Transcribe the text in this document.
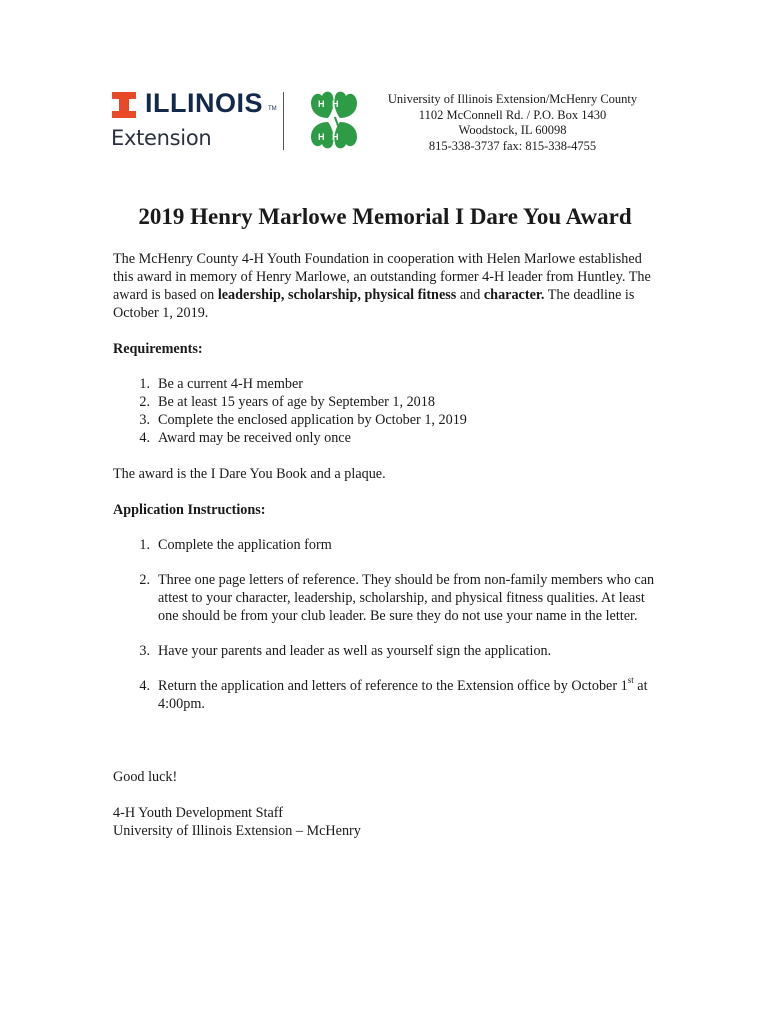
ILLINOIS TM
Extension
H H
H H
University of Illinois Extension/McHenry County
1102 McConnell Rd. / P.O. Box 1430
Woodstock, IL 60098
815-338-3737 fax: 815-338-4755
2019 Henry Marlowe Memorial I Dare You Award

The McHenry County 4-H Youth Foundation in cooperation with Helen Marlowe established this award in memory of Henry Marlowe, an outstanding former 4-H leader from Huntley. The award is based on leadership, scholarship, physical fitness and character. The deadline is October 1, 2019.

Requirements:

1. Be a current 4-H member
2. Be at least 15 years of age by September 1, 2018
3. Complete the enclosed application by October 1, 2019
4. Award may be received only once

The award is the I Dare You Book and a plaque.

Application Instructions:

1. Complete the application form
2. Three one page letters of reference. They should be from non-family members who can attest to your character, leadership, scholarship, and physical fitness qualities. At least one should be from your club leader. Be sure they do not use your name in the letter.
3. Have your parents and leader as well as yourself sign the application.
4. Return the application and letters of reference to the Extension office by October 1st at 4:00pm.

Good luck!

4-H Youth Development Staff

University of Illinois Extension – McHenry
